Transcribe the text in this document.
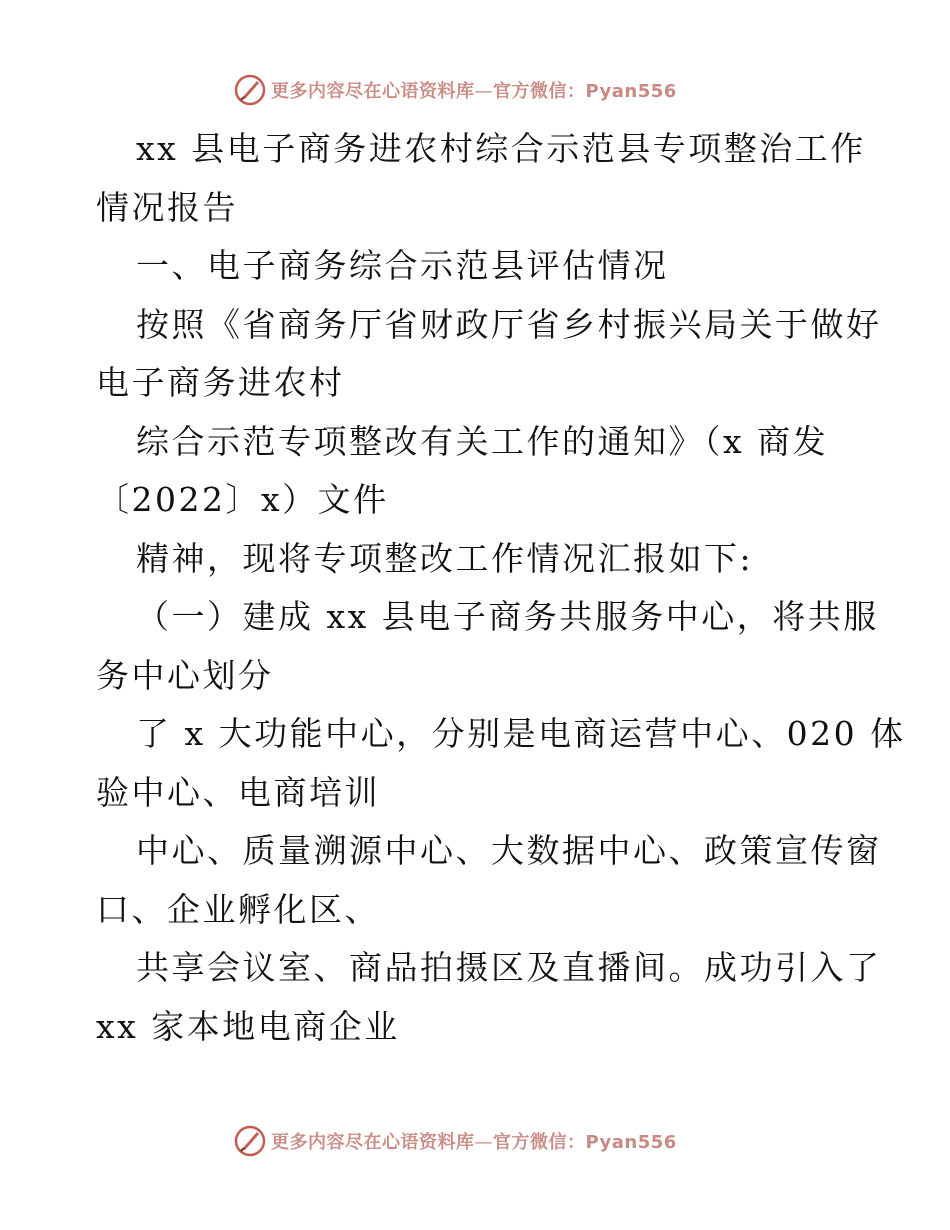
更多内容尽在心语资料库—官方微信：Pyan556
xx 县电子商务进农村综合示范县专项整治工作
情况报告
一、电子商务综合示范县评估情况
按照《省商务厅省财政厅省乡村振兴局关于做好
电子商务进农村
综合示范专项整改有关工作的通知》（x 商发
〔2022〕x）文件
精神，现将专项整改工作情况汇报如下:
（一）建成 xx 县电子商务共服务中心，将共服
务中心划分
了 x 大功能中心，分别是电商运营中心、020 体
验中心、电商培训
中心、质量溯源中心、大数据中心、政策宣传窗
口、企业孵化区、
共享会议室、商品拍摄区及直播间。成功引入了
xx 家本地电商企业
更多内容尽在心语资料库—官方微信：Pyan556
